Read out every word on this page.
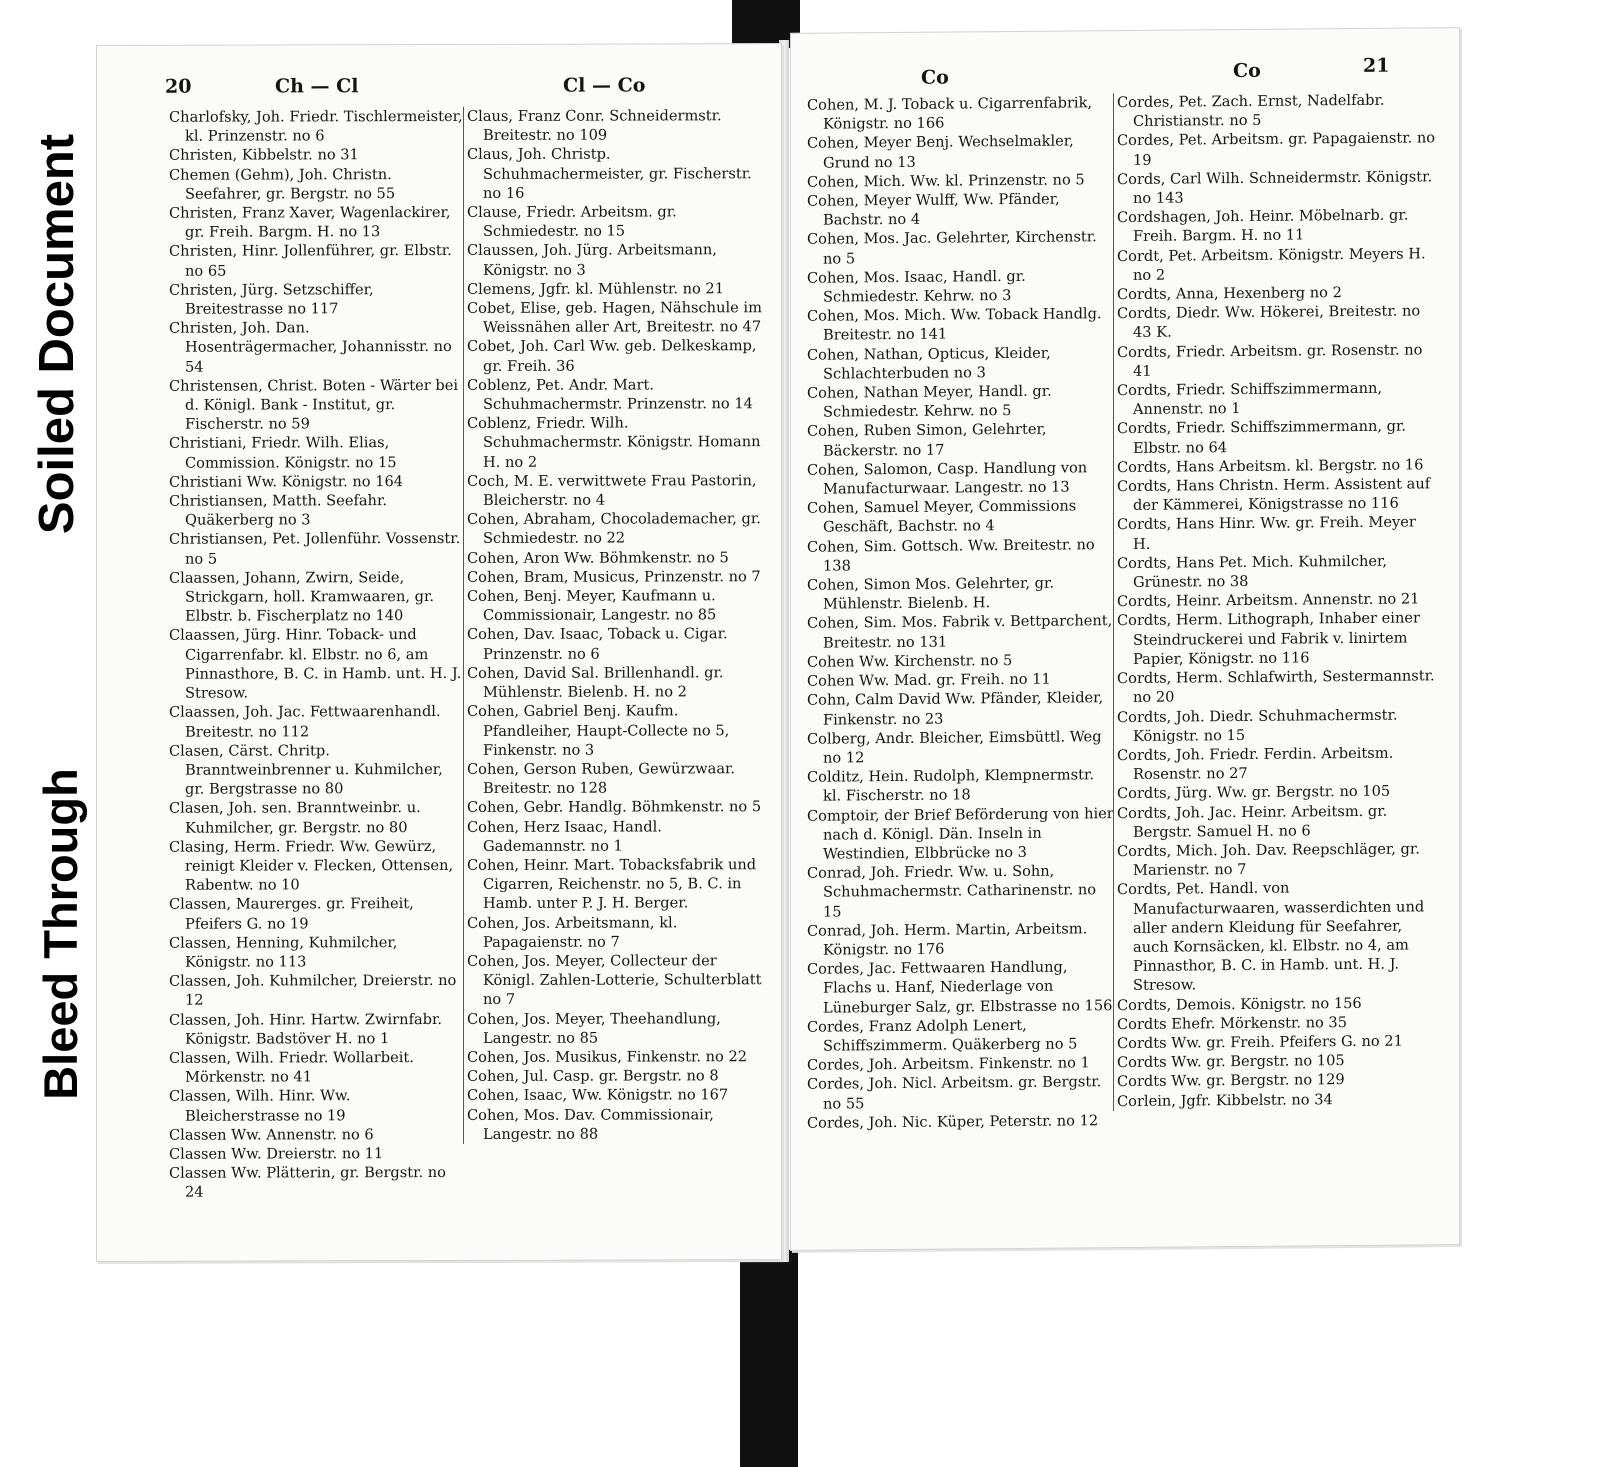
Soiled Document
Bleed Through
20	Ch — Cl	Cl — Co

Charlofsky, Joh. Friedr. Tischlermeister, kl. Prinzenstr. no 6

Christen, Kibbelstr. no 31

Chemen (Gehm), Joh. Christn. Seefahrer, gr. Bergstr. no 55

Christen, Franz Xaver, Wagenlackirer, gr. Freih. Bargm. H. no 13

Christen, Hinr. Jollenführer, gr. Elbstr. no 65

Christen, Jürg. Setzschiffer, Breitestrasse no 117

Christen, Joh. Dan. Hosenträgermacher, Johannisstr. no 54

Christensen, Christ. Boten - Wärter bei d. Königl. Bank - Institut, gr. Fischerstr. no 59

Christiani, Friedr. Wilh. Elias, Commission. Königstr. no 15

Christiani Ww. Königstr. no 164

Christiansen, Matth. Seefahr. Quäkerberg no 3

Christiansen, Pet. Jollenführ. Vossenstr. no 5

Claassen, Johann, Zwirn, Seide, Strickgarn, holl. Kramwaaren, gr. Elbstr. b. Fischerplatz no 140

Claassen, Jürg. Hinr. Toback- und Cigarrenfabr. kl. Elbstr. no 6, am Pinnasthore, B. C. in Hamb. unt. H. J. Stresow.

Claassen, Joh. Jac. Fettwaarenhandl. Breitestr. no 112

Clasen, Cärst. Chritp. Branntweinbrenner u. Kuhmilcher, gr. Bergstrasse no 80

Clasen, Joh. sen. Branntweinbr. u. Kuhmilcher, gr. Bergstr. no 80

Clasing, Herm. Friedr. Ww. Gewürz, reinigt Kleider v. Flecken, Ottensen, Rabentw. no 10

Classen, Maurerges. gr. Freiheit, Pfeifers G. no 19

Classen, Henning, Kuhmilcher, Königstr. no 113

Classen, Joh. Kuhmilcher, Dreierstr. no 12

Classen, Joh. Hinr. Hartw. Zwirnfabr. Königstr. Badstöver H. no 1

Classen, Wilh. Friedr. Wollarbeit. Mörkenstr. no 41

Classen, Wilh. Hinr. Ww. Bleicherstrasse no 19

Classen Ww. Annenstr. no 6

Classen Ww. Dreierstr. no 11

Classen Ww. Plätterin, gr. Bergstr. no 24

Claus, Franz Conr. Schneidermstr. Breitestr. no 109

Claus, Joh. Christp. Schuhmachermeister, gr. Fischerstr. no 16

Clause, Friedr. Arbeitsm. gr. Schmiedestr. no 15

Claussen, Joh. Jürg. Arbeitsmann, Königstr. no 3

Clemens, Jgfr. kl. Mühlenstr. no 21

Cobet, Elise, geb. Hagen, Nähschule im Weissnähen aller Art, Breitestr. no 47

Cobet, Joh. Carl Ww. geb. Delkeskamp, gr. Freih. 36

Coblenz, Pet. Andr. Mart. Schuhmachermstr. Prinzenstr. no 14

Coblenz, Friedr. Wilh. Schuhmachermstr. Königstr. Homann H. no 2

Coch, M. E. verwittwete Frau Pastorin, Bleicherstr. no 4

Cohen, Abraham, Chocolademacher, gr. Schmiedestr. no 22

Cohen, Aron Ww. Böhmkenstr. no 5

Cohen, Bram, Musicus, Prinzenstr. no 7

Cohen, Benj. Meyer, Kaufmann u. Commissionair, Langestr. no 85

Cohen, Dav. Isaac, Toback u. Cigar. Prinzenstr. no 6

Cohen, David Sal. Brillenhandl. gr. Mühlenstr. Bielenb. H. no 2

Cohen, Gabriel Benj. Kaufm. Pfandleiher, Haupt-Collecte no 5, Finkenstr. no 3

Cohen, Gerson Ruben, Gewürzwaar. Breitestr. no 128

Cohen, Gebr. Handlg. Böhmkenstr. no 5

Cohen, Herz Isaac, Handl. Gademannstr. no 1

Cohen, Heinr. Mart. Tobacksfabrik und Cigarren, Reichenstr. no 5, B. C. in Hamb. unter P. J. H. Berger.

Cohen, Jos. Arbeitsmann, kl. Papagaienstr. no 7

Cohen, Jos. Meyer, Collecteur der Königl. Zahlen-Lotterie, Schulterblatt no 7

Cohen, Jos. Meyer, Theehandlung, Langestr. no 85

Cohen, Jos. Musikus, Finkenstr. no 22

Cohen, Jul. Casp. gr. Bergstr. no 8

Cohen, Isaac, Ww. Königstr. no 167

Cohen, Mos. Dav. Commissionair, Langestr. no 88

Co	Co	21

Cohen, M. J. Toback u. Cigarrenfabrik, Königstr. no 166

Cohen, Meyer Benj. Wechselmakler, Grund no 13

Cohen, Mich. Ww. kl. Prinzenstr. no 5

Cohen, Meyer Wulff, Ww. Pfänder, Bachstr. no 4

Cohen, Mos. Jac. Gelehrter, Kirchenstr. no 5

Cohen, Mos. Isaac, Handl. gr. Schmiedestr. Kehrw. no 3

Cohen, Mos. Mich. Ww. Toback Handlg. Breitestr. no 141

Cohen, Nathan, Opticus, Kleider, Schlachterbuden no 3

Cohen, Nathan Meyer, Handl. gr. Schmiedestr. Kehrw. no 5

Cohen, Ruben Simon, Gelehrter, Bäckerstr. no 17

Cohen, Salomon, Casp. Handlung von Manufacturwaar. Langestr. no 13

Cohen, Samuel Meyer, Commissions Geschäft, Bachstr. no 4

Cohen, Sim. Gottsch. Ww. Breitestr. no 138

Cohen, Simon Mos. Gelehrter, gr. Mühlenstr. Bielenb. H.

Cohen, Sim. Mos. Fabrik v. Bettparchent, Breitestr. no 131

Cohen Ww. Kirchenstr. no 5

Cohen Ww. Mad. gr. Freih. no 11

Cohn, Calm David Ww. Pfänder, Kleider, Finkenstr. no 23

Colberg, Andr. Bleicher, Eimsbüttl. Weg no 12

Colditz, Hein. Rudolph, Klempnermstr. kl. Fischerstr. no 18

Comptoir, der Brief Beförderung von hier nach d. Königl. Dän. Inseln in Westindien, Elbbrücke no 3

Conrad, Joh. Friedr. Ww. u. Sohn, Schuhmachermstr. Catharinenstr. no 15

Conrad, Joh. Herm. Martin, Arbeitsm. Königstr. no 176

Cordes, Jac. Fettwaaren Handlung, Flachs u. Hanf, Niederlage von Lüneburger Salz, gr. Elbstrasse no 156

Cordes, Franz Adolph Lenert, Schiffszimmerm. Quäkerberg no 5

Cordes, Joh. Arbeitsm. Finkenstr. no 1

Cordes, Joh. Nicl. Arbeitsm. gr. Bergstr. no 55

Cordes, Joh. Nic. Küper, Peterstr. no 12

Cordes, Pet. Zach. Ernst, Nadelfabr. Christianstr. no 5

Cordes, Pet. Arbeitsm. gr. Papagaienstr. no 19

Cords, Carl Wilh. Schneidermstr. Königstr. no 143

Cordshagen, Joh. Heinr. Möbelnarb. gr. Freih. Bargm. H. no 11

Cordt, Pet. Arbeitsm. Königstr. Meyers H. no 2

Cordts, Anna, Hexenberg no 2

Cordts, Diedr. Ww. Hökerei, Breitestr. no 43 K.

Cordts, Friedr. Arbeitsm. gr. Rosenstr. no 41

Cordts, Friedr. Schiffszimmermann, Annenstr. no 1

Cordts, Friedr. Schiffszimmermann, gr. Elbstr. no 64

Cordts, Hans Arbeitsm. kl. Bergstr. no 16

Cordts, Hans Christn. Herm. Assistent auf der Kämmerei, Königstrasse no 116

Cordts, Hans Hinr. Ww. gr. Freih. Meyer H.

Cordts, Hans Pet. Mich. Kuhmilcher, Grünestr. no 38

Cordts, Heinr. Arbeitsm. Annenstr. no 21

Cordts, Herm. Lithograph, Inhaber einer Steindruckerei und Fabrik v. linirtem Papier, Königstr. no 116

Cordts, Herm. Schlafwirth, Sestermannstr. no 20

Cordts, Joh. Diedr. Schuhmachermstr. Königstr. no 15

Cordts, Joh. Friedr. Ferdin. Arbeitsm. Rosenstr. no 27

Cordts, Jürg. Ww. gr. Bergstr. no 105

Cordts, Joh. Jac. Heinr. Arbeitsm. gr. Bergstr. Samuel H. no 6

Cordts, Mich. Joh. Dav. Reepschläger, gr. Marienstr. no 7

Cordts, Pet. Handl. von Manufacturwaaren, wasserdichten und aller andern Kleidung für Seefahrer, auch Kornsäcken, kl. Elbstr. no 4, am Pinnasthor, B. C. in Hamb. unt. H. J. Stresow.

Cordts, Demois. Königstr. no 156

Cordts Ehefr. Mörkenstr. no 35

Cordts Ww. gr. Freih. Pfeifers G. no 21

Cordts Ww. gr. Bergstr. no 105

Cordts Ww. gr. Bergstr. no 129

Corlein, Jgfr. Kibbelstr. no 34
